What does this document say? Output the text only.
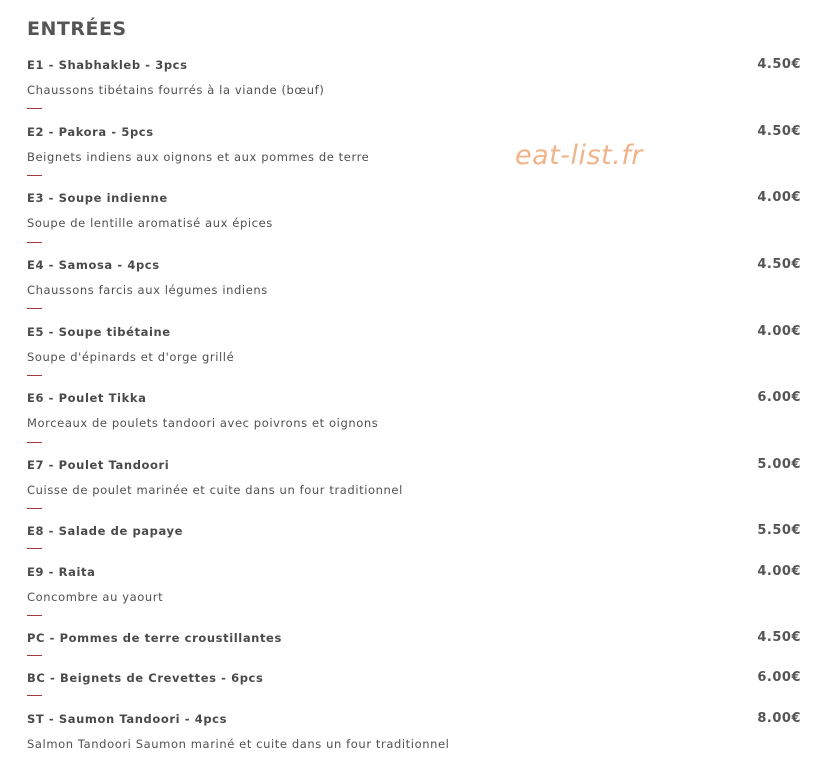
ENTRÉES
E1 - Shabhakleb - 3pcs	4.50€
Chaussons tibétains fourrés à la viande (bœuf)
E2 - Pakora - 5pcs	4.50€
Beignets indiens aux oignons et aux pommes de terre
E3 - Soupe indienne	4.00€
Soupe de lentille aromatisé aux épices
E4 - Samosa - 4pcs	4.50€
Chaussons farcis aux légumes indiens
E5 - Soupe tibétaine	4.00€
Soupe d'épinards et d'orge grillé
E6 - Poulet Tikka	6.00€
Morceaux de poulets tandoori avec poivrons et oignons
E7 - Poulet Tandoori	5.00€
Cuisse de poulet marinée et cuite dans un four traditionnel
E8 - Salade de papaye	5.50€
E9 - Raita	4.00€
Concombre au yaourt
PC - Pommes de terre croustillantes	4.50€
BC - Beignets de Crevettes - 6pcs	6.00€
ST - Saumon Tandoori - 4pcs	8.00€
Salmon Tandoori Saumon mariné et cuite dans un four traditionnel
eat-list.fr
